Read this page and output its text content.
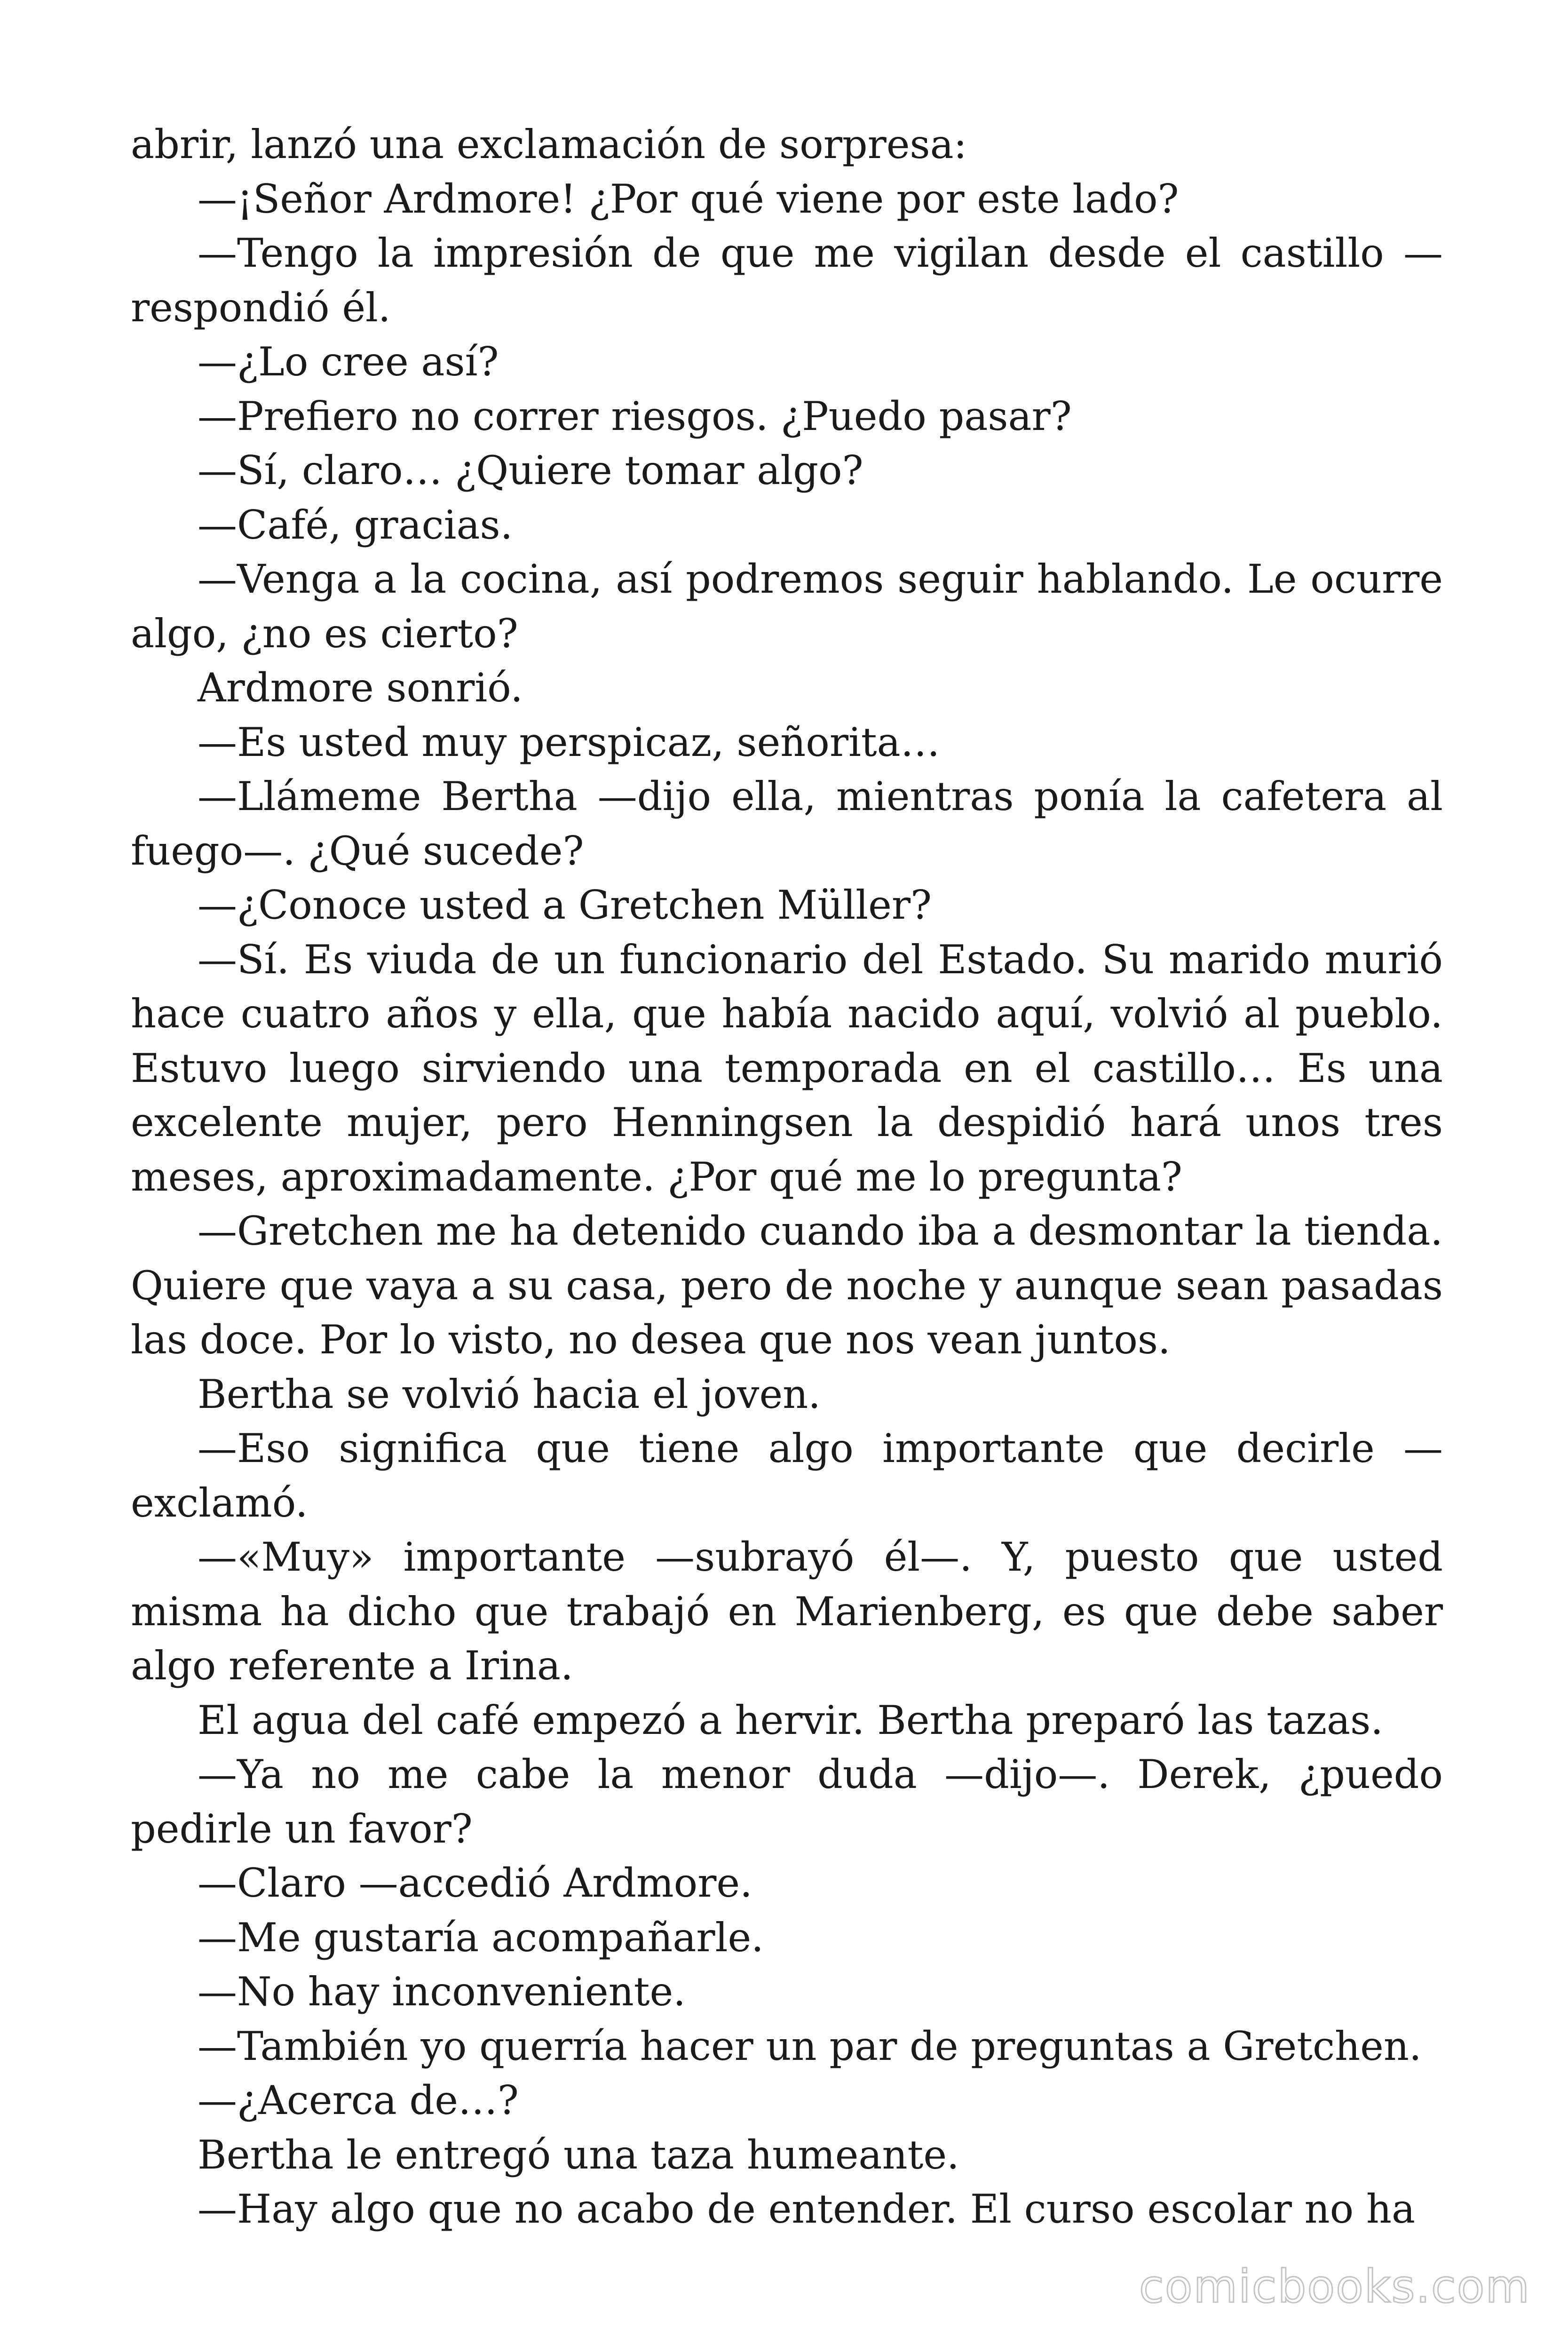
abrir, lanzó una exclamación de sorpresa:

—¡Señor Ardmore! ¿Por qué viene por este lado?

—Tengo la impresión de que me vigilan desde el castillo —respondió él.

—¿Lo cree así?

—Prefiero no correr riesgos. ¿Puedo pasar?

—Sí, claro… ¿Quiere tomar algo?

—Café, gracias.

—Venga a la cocina, así podremos seguir hablando. Le ocurre algo, ¿no es cierto?

Ardmore sonrió.

—Es usted muy perspicaz, señorita…

—Llámeme Bertha —dijo ella, mientras ponía la cafetera al fuego—. ¿Qué sucede?

—¿Conoce usted a Gretchen Müller?

—Sí. Es viuda de un funcionario del Estado. Su marido murió hace cuatro años y ella, que había nacido aquí, volvió al pueblo. Estuvo luego sirviendo una temporada en el castillo… Es una excelente mujer, pero Henningsen la despidió hará unos tres meses, aproximadamente. ¿Por qué me lo pregunta?

—Gretchen me ha detenido cuando iba a desmontar la tienda. Quiere que vaya a su casa, pero de noche y aunque sean pasadas las doce. Por lo visto, no desea que nos vean juntos.

Bertha se volvió hacia el joven.

—Eso significa que tiene algo importante que decirle —exclamó.

—«Muy» importante —subrayó él—. Y, puesto que usted misma ha dicho que trabajó en Marienberg, es que debe saber algo referente a Irina.

El agua del café empezó a hervir. Bertha preparó las tazas.

—Ya no me cabe la menor duda —dijo—. Derek, ¿puedo pedirle un favor?

—Claro —accedió Ardmore.

—Me gustaría acompañarle.

—No hay inconveniente.

—También yo querría hacer un par de preguntas a Gretchen.

—¿Acerca de…?

Bertha le entregó una taza humeante.

—Hay algo que no acabo de entender. El curso escolar no ha

comicbooks.com
